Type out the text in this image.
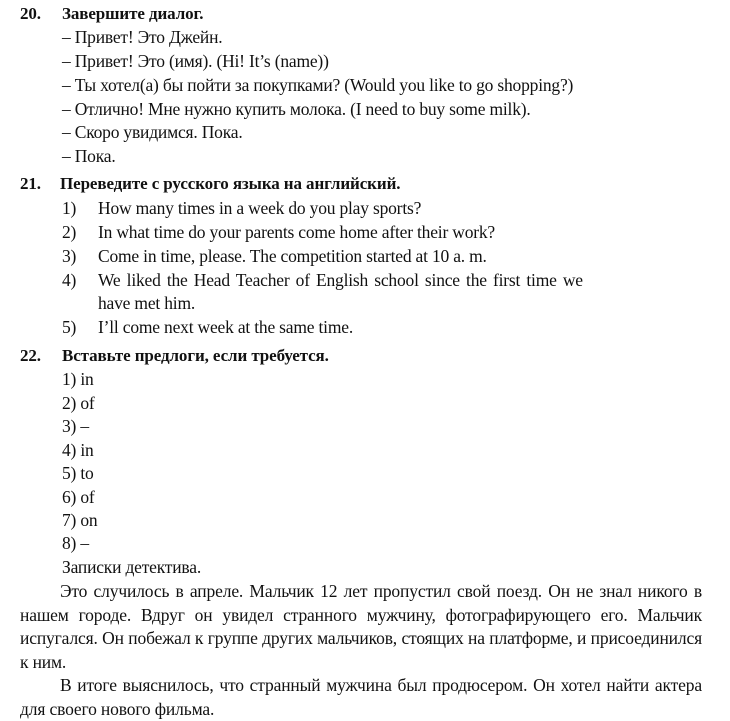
20. Завершите диалог.
– Привет! Это Джейн.
– Привет! Это (имя). (Hi! It’s (name))
– Ты хотел(а) бы пойти за покупками? (Would you like to go shopping?)
– Отлично! Мне нужно купить молока. (I need to buy some milk).
– Скоро увидимся. Пока.
– Пока.
21. Переведите с русского языка на английский.
1) How many times in a week do you play sports?
2) In what time do your parents come home after their work?
3) Come in time, please. The competition started at 10 a. m.
4) We liked the Head Teacher of English school since the first time we
have met him.
5) I’ll come next week at the same time.
22. Вставьте предлоги, если требуется.
1) in
2) of
3) –
4) in
5) to
6) of
7) on
8) –
Записки детектива.
Это случилось в апреле. Мальчик 12 лет пропустил свой поезд. Он не знал никого в нашем городе. Вдруг он увидел странного мужчину, фотографирующего его. Мальчик испугался. Он побежал к группе других мальчиков, стоящих на платформе, и присоединился к ним.
В итоге выяснилось, что странный мужчина был продюсером. Он хотел найти актера для своего нового фильма.
